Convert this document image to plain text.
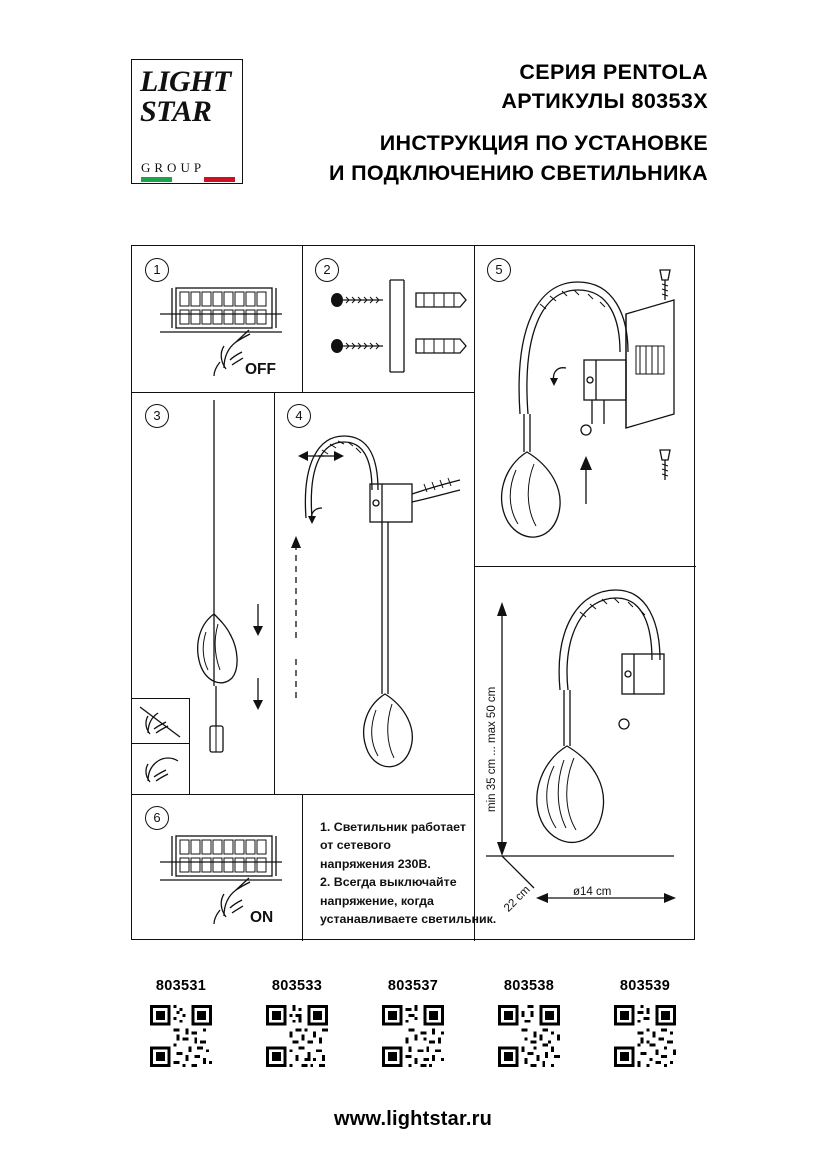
LIGHT
STAR
GROUP
СЕРИЯ PENTOLA
АРТИКУЛЫ 80353X
ИНСТРУКЦИЯ ПО УСТАНОВКЕ
И ПОДКЛЮЧЕНИЮ СВЕТИЛЬНИКА
1	2
3	4
5
6
OFF
ON
min 35 cm ... max 50 cm
22 cm	ø14 cm
1. Светильник работает
от сетевого
напряжения 230В.
2. Всегда выключайте
напряжение, когда
устанавливаете светильник.
803531	803533	803537	803538	803539
www.lightstar.ru
